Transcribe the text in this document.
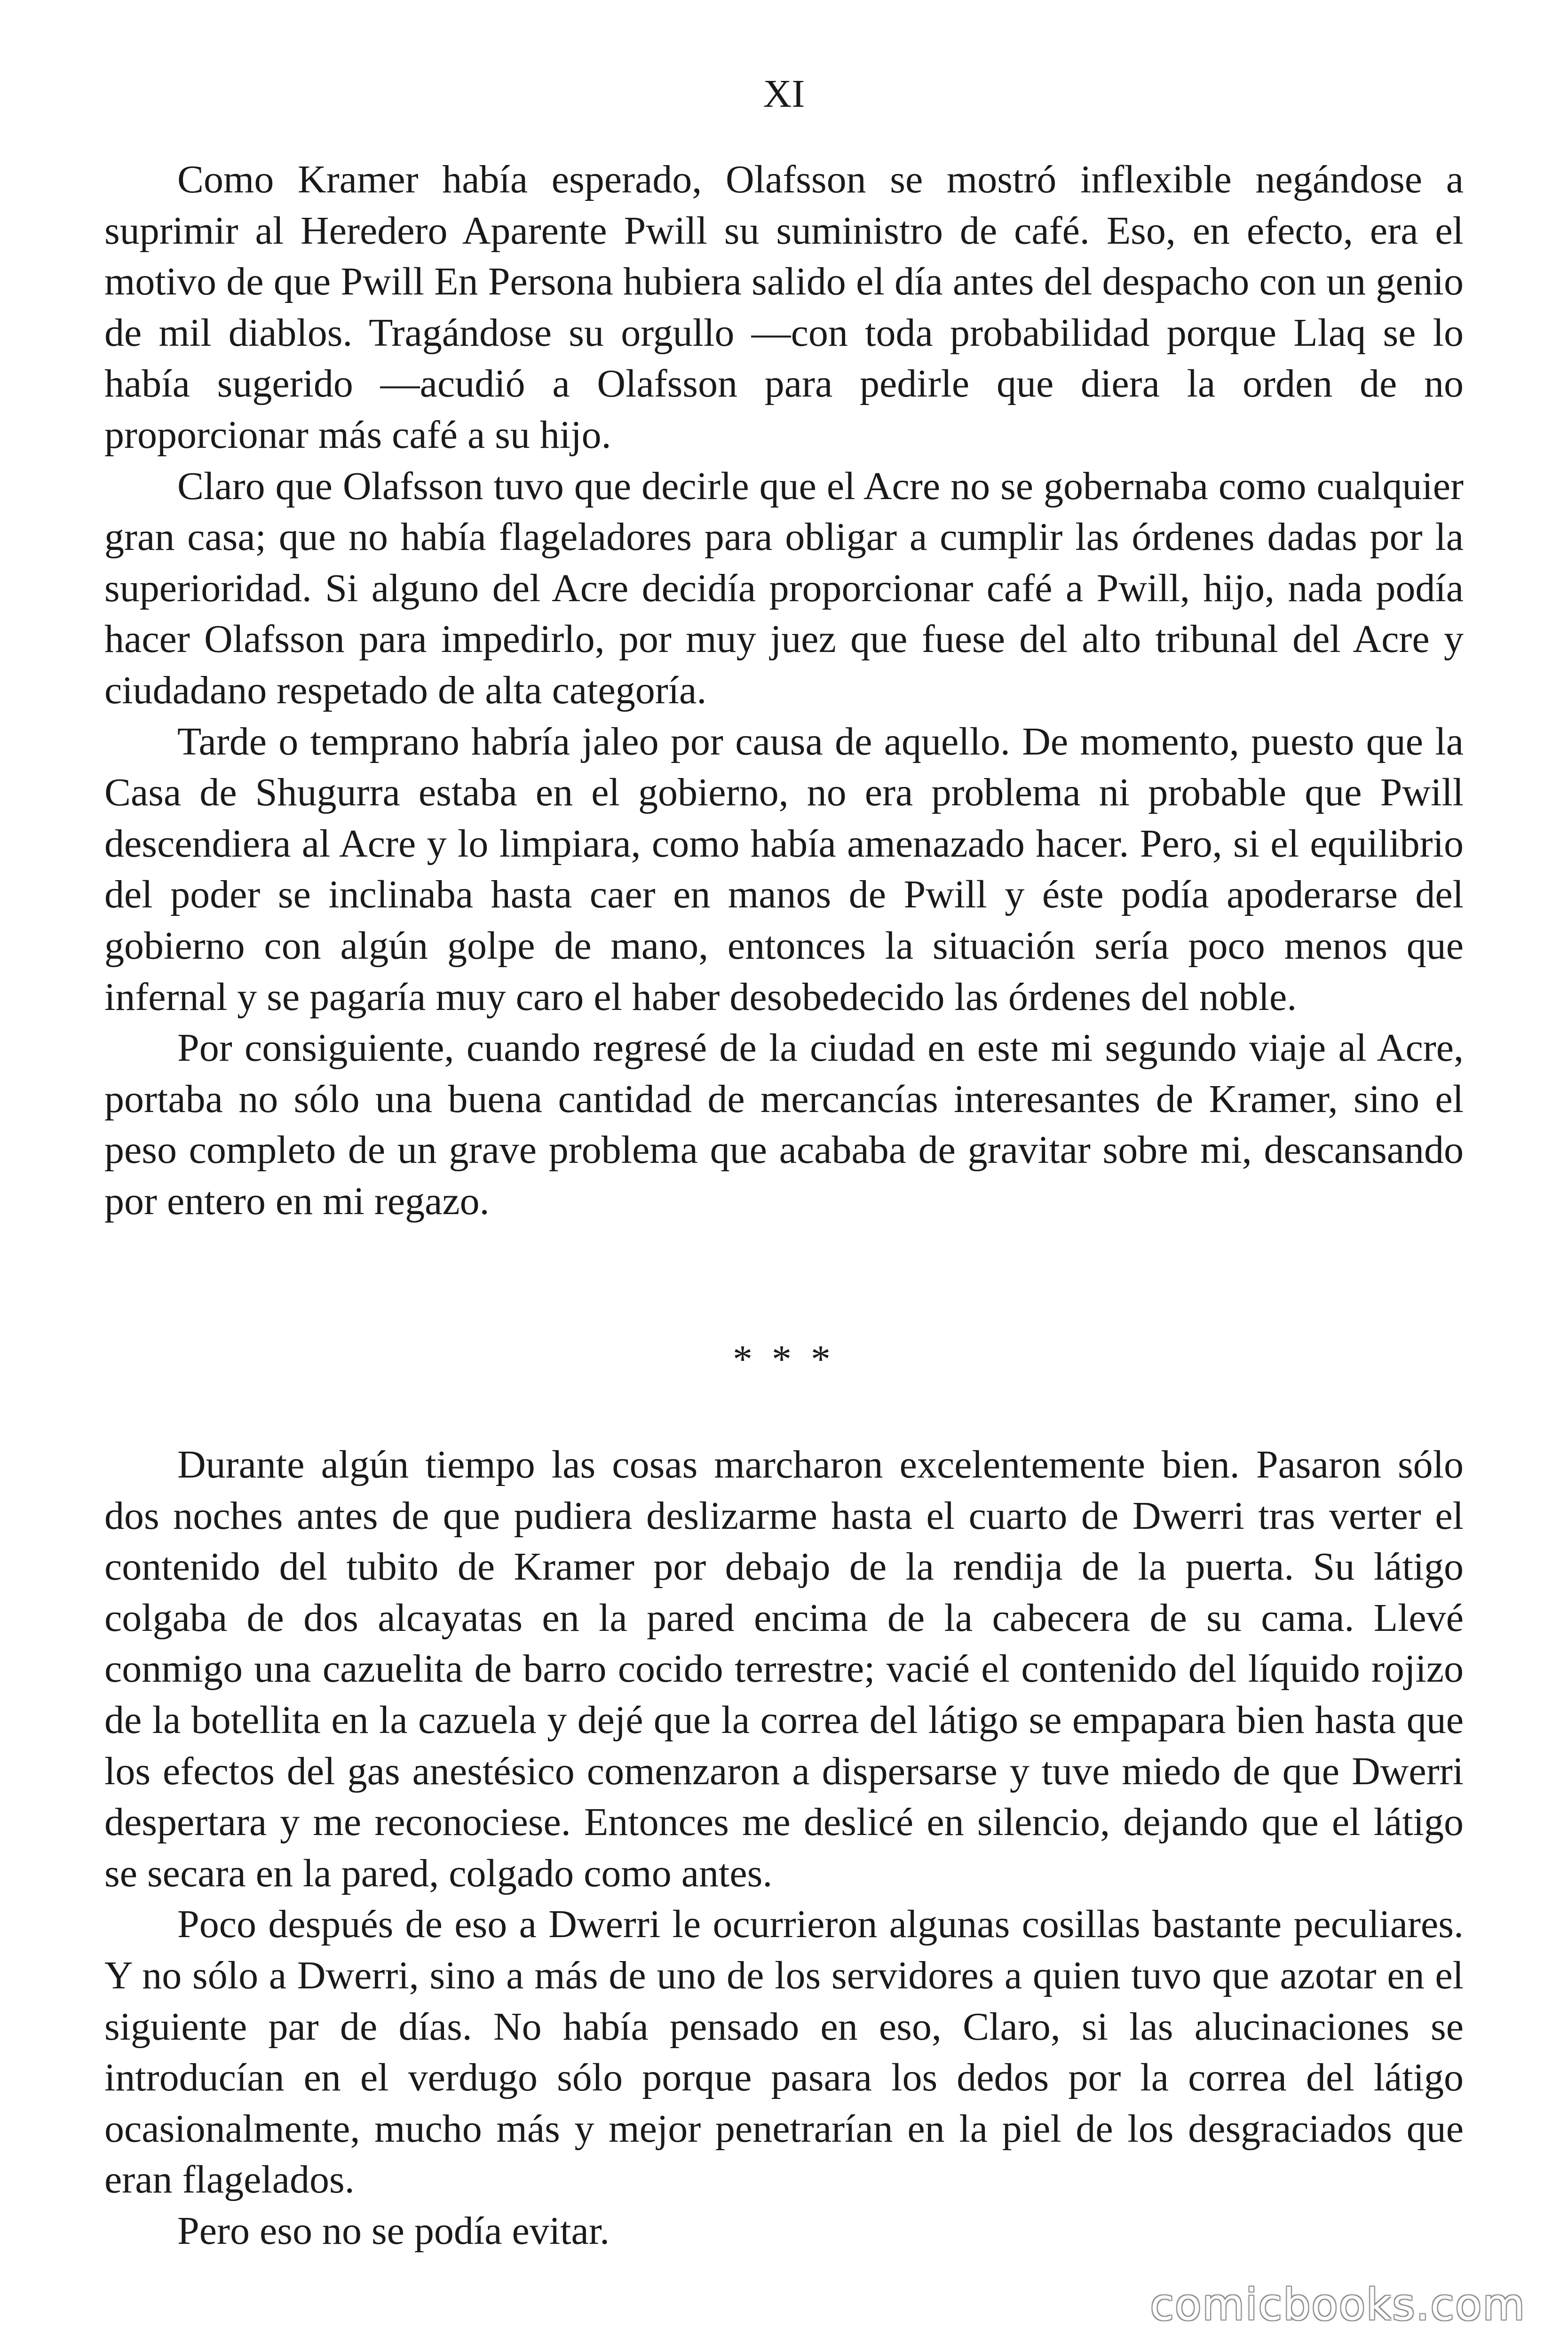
XI

Como Kramer había esperado, Olafsson se mostró inflexible negándose a suprimir al Heredero Aparente Pwill su suministro de café. Eso, en efecto, era el motivo de que Pwill En Persona hubiera salido el día antes del despacho con un genio de mil diablos. Tragándose su orgullo —con toda probabilidad porque Llaq se lo había sugerido —acudió a Olafsson para pedirle que diera la orden de no proporcionar más café a su hijo.

Claro que Olafsson tuvo que decirle que el Acre no se gobernaba como cualquier gran casa; que no había flageladores para obligar a cumplir las órdenes dadas por la superioridad. Si alguno del Acre decidía proporcionar café a Pwill, hijo, nada podía hacer Olafsson para impedirlo, por muy juez que fuese del alto tribunal del Acre y ciudadano respetado de alta categoría.

Tarde o temprano habría jaleo por causa de aquello. De momento, puesto que la Casa de Shugurra estaba en el gobierno, no era problema ni probable que Pwill descendiera al Acre y lo limpiara, como había amenazado hacer. Pero, si el equilibrio del poder se inclinaba hasta caer en manos de Pwill y éste podía apoderarse del gobierno con algún golpe de mano, entonces la situación sería poco menos que infernal y se pagaría muy caro el haber desobedecido las órdenes del noble.

Por consiguiente, cuando regresé de la ciudad en este mi segundo viaje al Acre, portaba no sólo una buena cantidad de mercancías interesantes de Kramer, sino el peso completo de un grave problema que acababa de gravitar sobre mi, descansando por entero en mi regazo.

* * *

Durante algún tiempo las cosas marcharon excelentemente bien. Pasaron sólo dos noches antes de que pudiera deslizarme hasta el cuarto de Dwerri tras verter el contenido del tubito de Kramer por debajo de la rendija de la puerta. Su látigo colgaba de dos alcayatas en la pared encima de la cabecera de su cama. Llevé conmigo una cazuelita de barro cocido terrestre; vacié el contenido del líquido rojizo de la botellita en la cazuela y dejé que la correa del látigo se empapara bien hasta que los efectos del gas anestésico comenzaron a dispersarse y tuve miedo de que Dwerri despertara y me reconociese. Entonces me deslicé en silencio, dejando que el látigo se secara en la pared, colgado como antes.

Poco después de eso a Dwerri le ocurrieron algunas cosillas bastante peculiares. Y no sólo a Dwerri, sino a más de uno de los servidores a quien tuvo que azotar en el siguiente par de días. No había pensado en eso, Claro, si las alucinaciones se introducían en el verdugo sólo porque pasara los dedos por la correa del látigo ocasionalmente, mucho más y mejor penetrarían en la piel de los desgraciados que eran flagelados.

Pero eso no se podía evitar.

comicbooks.com
